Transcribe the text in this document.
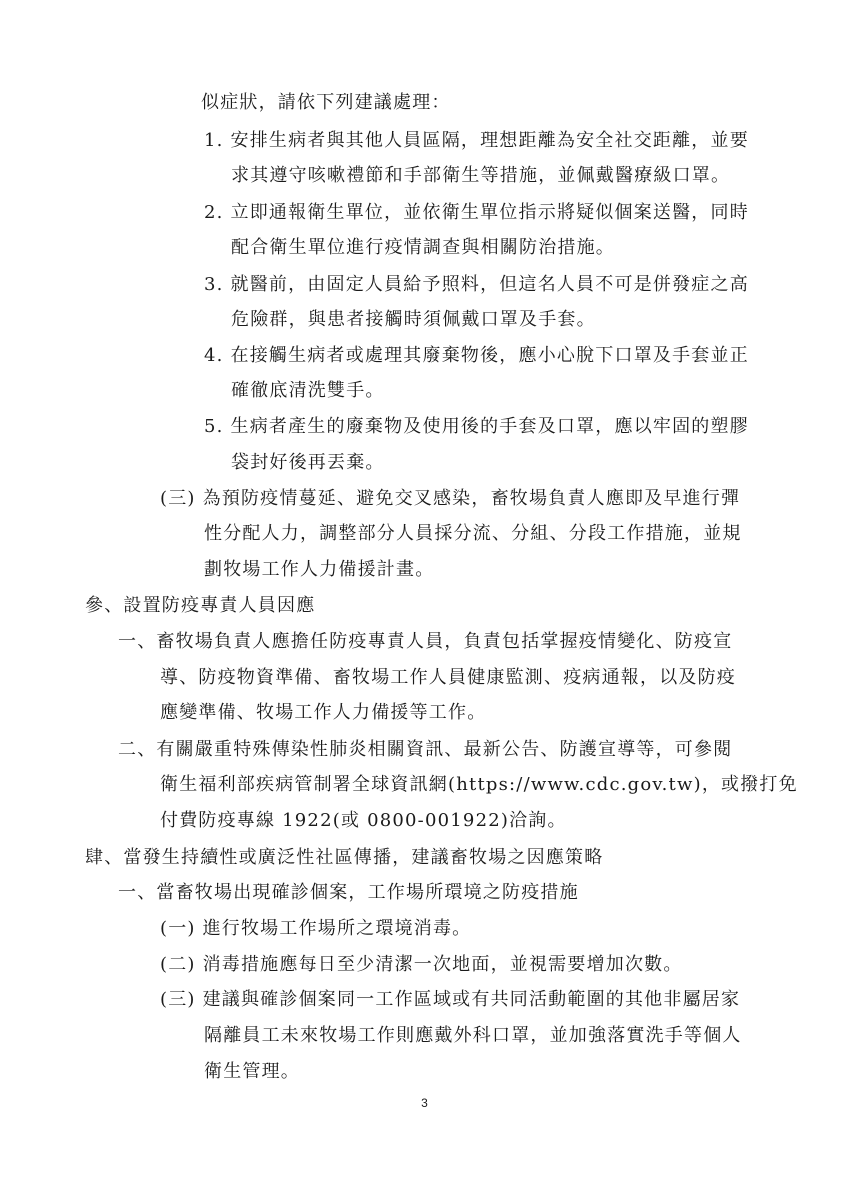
似症狀，請依下列建議處理：
1. 安排生病者與其他人員區隔，理想距離為安全社交距離，並要
求其遵守咳嗽禮節和手部衛生等措施，並佩戴醫療級口罩。
2. 立即通報衛生單位，並依衛生單位指示將疑似個案送醫，同時
配合衛生單位進行疫情調查與相關防治措施。
3. 就醫前，由固定人員給予照料，但這名人員不可是併發症之高
危險群，與患者接觸時須佩戴口罩及手套。
4. 在接觸生病者或處理其廢棄物後，應小心脫下口罩及手套並正
確徹底清洗雙手。
5. 生病者產生的廢棄物及使用後的手套及口罩，應以牢固的塑膠
袋封好後再丟棄。
(三) 為預防疫情蔓延、避免交叉感染，畜牧場負責人應即及早進行彈
性分配人力，調整部分人員採分流、分組、分段工作措施，並規
劃牧場工作人力備援計畫。
參、設置防疫專責人員因應
一、畜牧場負責人應擔任防疫專責人員，負責包括掌握疫情變化、防疫宣
導、防疫物資準備、畜牧場工作人員健康監測、疫病通報，以及防疫
應變準備、牧場工作人力備援等工作。
二、有關嚴重特殊傳染性肺炎相關資訊、最新公告、防護宣導等，可參閱
衛生福利部疾病管制署全球資訊網(https://www.cdc.gov.tw)，或撥打免
付費防疫專線 1922(或 0800-001922)洽詢。
肆、當發生持續性或廣泛性社區傳播，建議畜牧場之因應策略
一、當畜牧場出現確診個案，工作場所環境之防疫措施
(一) 進行牧場工作場所之環境消毒。
(二) 消毒措施應每日至少清潔一次地面，並視需要增加次數。
(三) 建議與確診個案同一工作區域或有共同活動範圍的其他非屬居家
隔離員工未來牧場工作則應戴外科口罩，並加強落實洗手等個人
衛生管理。
3
